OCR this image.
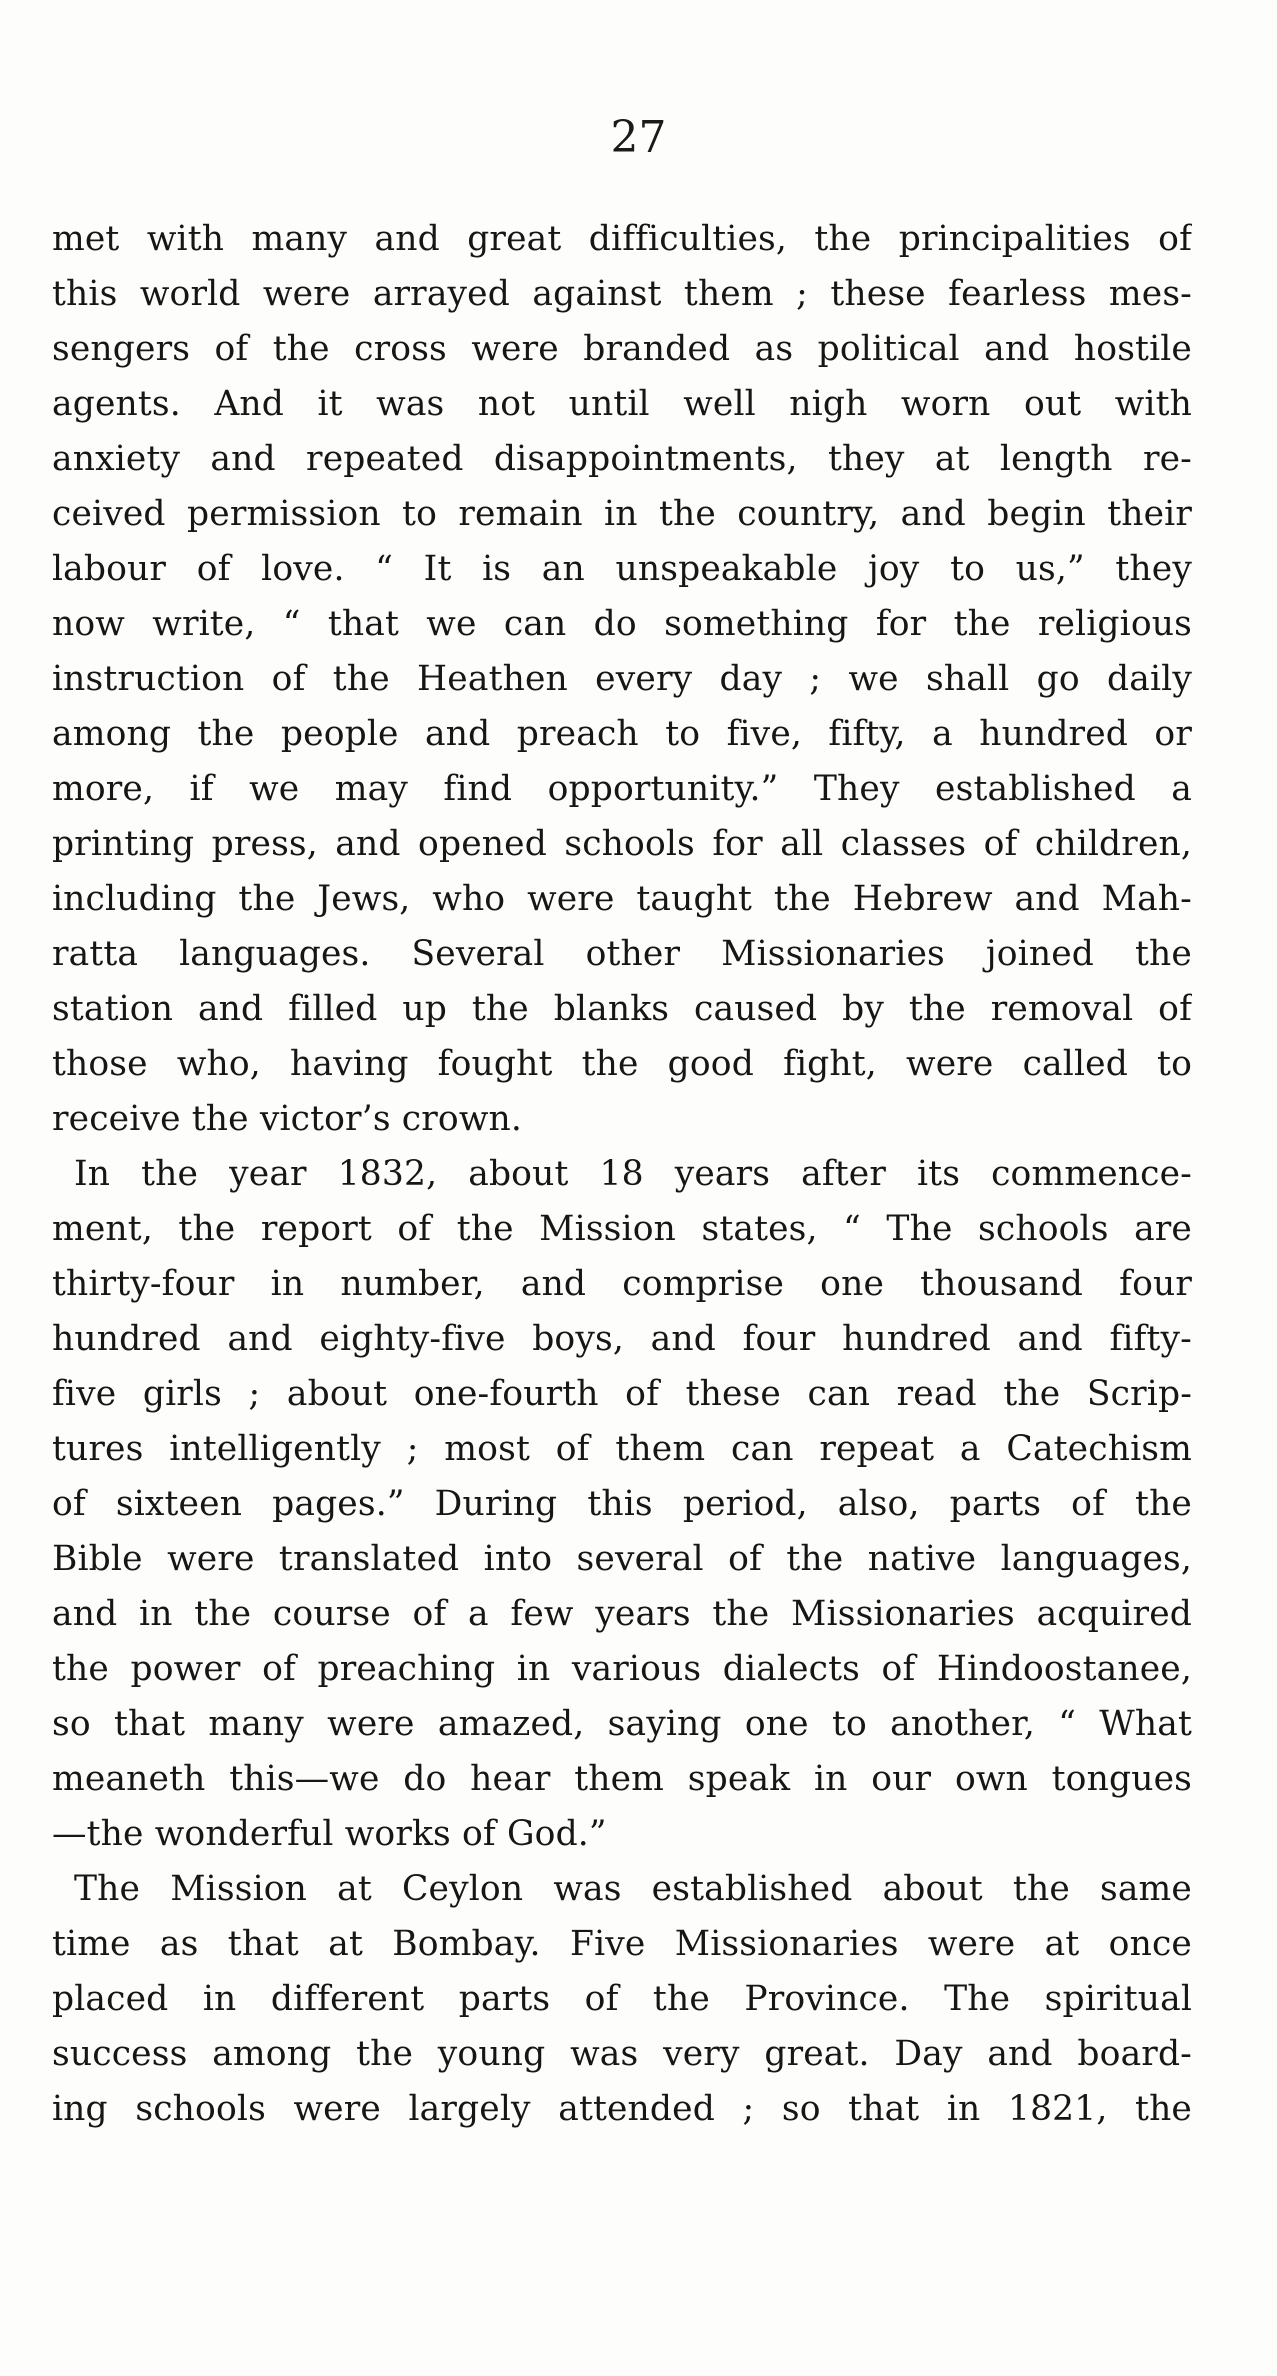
27
met with many and great difficulties, the principalities of
this world were arrayed against them ; these fearless mes-
sengers of the cross were branded as political and hostile
agents. And it was not until well nigh worn out with
anxiety and repeated disappointments, they at length re-
ceived permission to remain in the country, and begin their
labour of love. “ It is an unspeakable joy to us,” they
now write, “ that we can do something for the religious
instruction of the Heathen every day ; we shall go daily
among the people and preach to five, fifty, a hundred or
more, if we may find opportunity.” They established a
printing press, and opened schools for all classes of children,
including the Jews, who were taught the Hebrew and Mah-
ratta languages. Several other Missionaries joined the
station and filled up the blanks caused by the removal of
those who, having fought the good fight, were called to
receive the victor’s crown.
In the year 1832, about 18 years after its commence-
ment, the report of the Mission states, “ The schools are
thirty-four in number, and comprise one thousand four
hundred and eighty-five boys, and four hundred and fifty-
five girls ; about one-fourth of these can read the Scrip-
tures intelligently ; most of them can repeat a Catechism
of sixteen pages.” During this period, also, parts of the
Bible were translated into several of the native languages,
and in the course of a few years the Missionaries acquired
the power of preaching in various dialects of Hindoostanee,
so that many were amazed, saying one to another, “ What
meaneth this—we do hear them speak in our own tongues
—the wonderful works of God.”
The Mission at Ceylon was established about the same
time as that at Bombay. Five Missionaries were at once
placed in different parts of the Province. The spiritual
success among the young was very great. Day and board-
ing schools were largely attended ; so that in 1821, the
